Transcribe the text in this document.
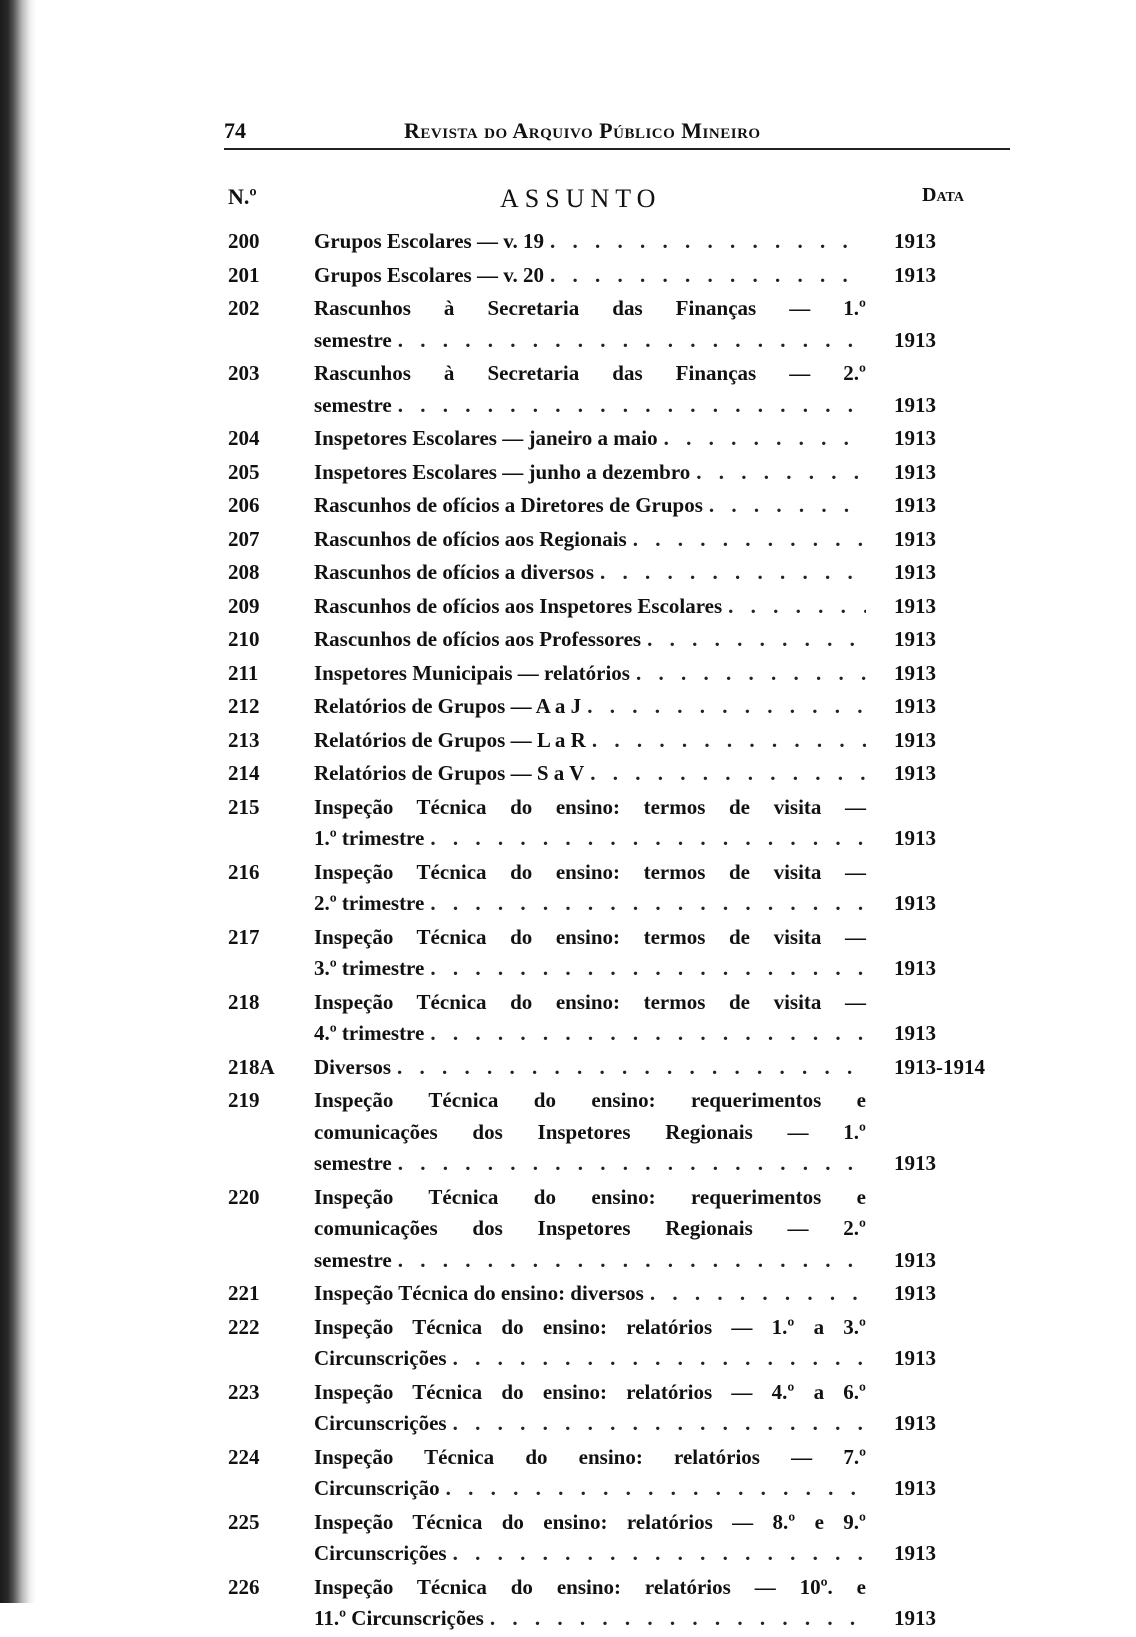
74	Revista do Arquivo Público Mineiro
N.º	ASSUNTO	Data
200	Grupos Escolares — v. 19 . . .	1913
201	Grupos Escolares — v. 20 . . .	1913
202	Rascunhos à Secretaria das Finanças — 1.º
semestre . . .	1913
203	Rascunhos à Secretaria das Finanças — 2.º
semestre . . .	1913
204	Inspetores Escolares — janeiro a maio . . .	1913
205	Inspetores Escolares — junho a dezembro . . .	1913
206	Rascunhos de ofícios a Diretores de Grupos . . .	1913
207	Rascunhos de ofícios aos Regionais . . .	1913
208	Rascunhos de ofícios a diversos . . .	1913
209	Rascunhos de ofícios aos Inspetores Escolares . . .	1913
210	Rascunhos de ofícios aos Professores . . .	1913
211	Inspetores Municipais — relatórios . . .	1913
212	Relatórios de Grupos — A a J . . .	1913
213	Relatórios de Grupos — L a R . . .	1913
214	Relatórios de Grupos — S a V . . .	1913
215	Inspeção Técnica do ensino: termos de visita —
1.º trimestre . . .	1913
216	Inspeção Técnica do ensino: termos de visita —
2.º trimestre . . .	1913
217	Inspeção Técnica do ensino: termos de visita —
3.º trimestre . . .	1913
218	Inspeção Técnica do ensino: termos de visita —
4.º trimestre . . .	1913
218A	Diversos . . .	1913-1914
219	Inspeção Técnica do ensino: requerimentos e
comunicações dos Inspetores Regionais — 1.º
semestre . . .	1913
220	Inspeção Técnica do ensino: requerimentos e
comunicações dos Inspetores Regionais — 2.º
semestre . . .	1913
221	Inspeção Técnica do ensino: diversos . . .	1913
222	Inspeção Técnica do ensino: relatórios — 1.º a 3.º
Circunscrições . . .	1913
223	Inspeção Técnica do ensino: relatórios — 4.º a 6.º
Circunscrições . . .	1913
224	Inspeção Técnica do ensino: relatórios — 7.º
Circunscrição . . .	1913
225	Inspeção Técnica do ensino: relatórios — 8.º e 9.º
Circunscrições . . .	1913
226	Inspeção Técnica do ensino: relatórios — 10º. e
11.º Circunscrições . . .	1913
